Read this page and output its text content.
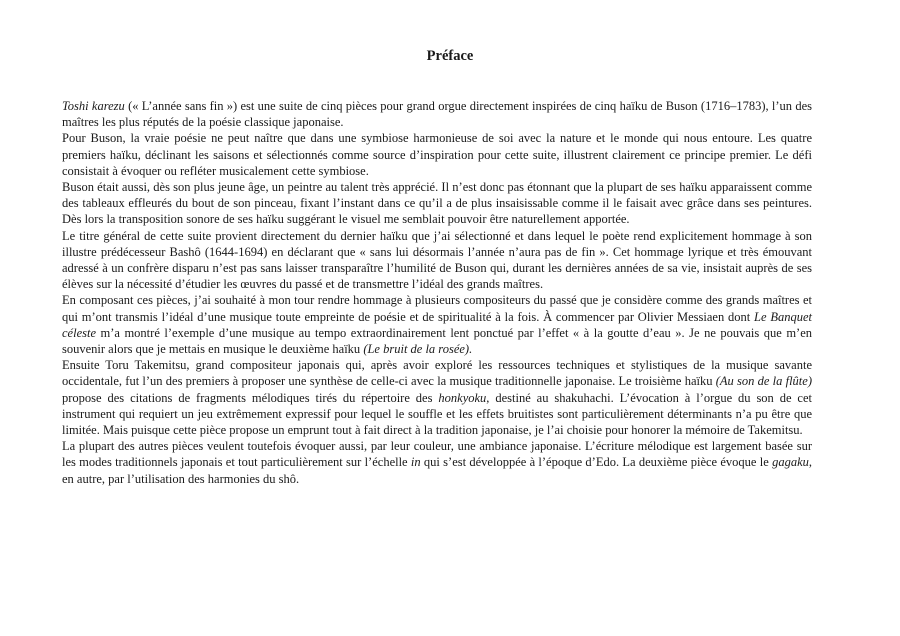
Préface

Toshi karezu (« L’année sans fin ») est une suite de cinq pièces pour grand orgue directement inspirées de cinq haïku de Buson (1716–1783), l’un des maîtres les plus réputés de la poésie classique japonaise.

Pour Buson, la vraie poésie ne peut naître que dans une symbiose harmonieuse de soi avec la nature et le monde qui nous entoure. Les quatre premiers haïku, déclinant les saisons et sélectionnés comme source d’inspiration pour cette suite, illustrent clairement ce principe premier. Le défi consistait à évoquer ou refléter musicalement cette symbiose.

Buson était aussi, dès son plus jeune âge, un peintre au talent très apprécié. Il n’est donc pas étonnant que la plupart de ses haïku apparaissent comme des tableaux effleurés du bout de son pinceau, fixant l’instant dans ce qu’il a de plus insaisissable comme il le faisait avec grâce dans ses peintures. Dès lors la transposition sonore de ses haïku suggérant le visuel me semblait pouvoir être naturellement apportée.

Le titre général de cette suite provient directement du dernier haïku que j’ai sélectionné et dans lequel le poète rend explicitement hommage à son illustre prédécesseur Bashô (1644-1694) en déclarant que « sans lui désormais l’année n’aura pas de fin ». Cet hommage lyrique et très émouvant adressé à un confrère disparu n’est pas sans laisser transparaître l’humilité de Buson qui, durant les dernières années de sa vie, insistait auprès de ses élèves sur la nécessité d’étudier les œuvres du passé et de transmettre l’idéal des grands maîtres.

En composant ces pièces, j’ai souhaité à mon tour rendre hommage à plusieurs compositeurs du passé que je considère comme des grands maîtres et qui m’ont transmis l’idéal d’une musique toute empreinte de poésie et de spiritualité à la fois. À commencer par Olivier Messiaen dont Le Banquet céleste m’a montré l’exemple d’une musique au tempo extraordinairement lent ponctué par l’effet « à la goutte d’eau ». Je ne pouvais que m’en souvenir alors que je mettais en musique le deuxième haïku (Le bruit de la rosée).

Ensuite Toru Takemitsu, grand compositeur japonais qui, après avoir exploré les ressources techniques et stylistiques de la musique savante occidentale, fut l’un des premiers à proposer une synthèse de celle-ci avec la musique traditionnelle japonaise. Le troisième haïku (Au son de la flûte) propose des citations de fragments mélodiques tirés du répertoire des honkyoku, destiné au shakuhachi. L’évocation à l’orgue du son de cet instrument qui requiert un jeu extrêmement expressif pour lequel le souffle et les effets bruitistes sont particulièrement déterminants n’a pu être que limitée. Mais puisque cette pièce propose un emprunt tout à fait direct à la tradition japonaise, je l’ai choisie pour honorer la mémoire de Takemitsu.

La plupart des autres pièces veulent toutefois évoquer aussi, par leur couleur, une ambiance japonaise. L’écriture mélodique est largement basée sur les modes traditionnels japonais et tout particulièrement sur l’échelle in qui s’est développée à l’époque d’Edo. La deuxième pièce évoque le gagaku, en autre, par l’utilisation des harmonies du shô.
